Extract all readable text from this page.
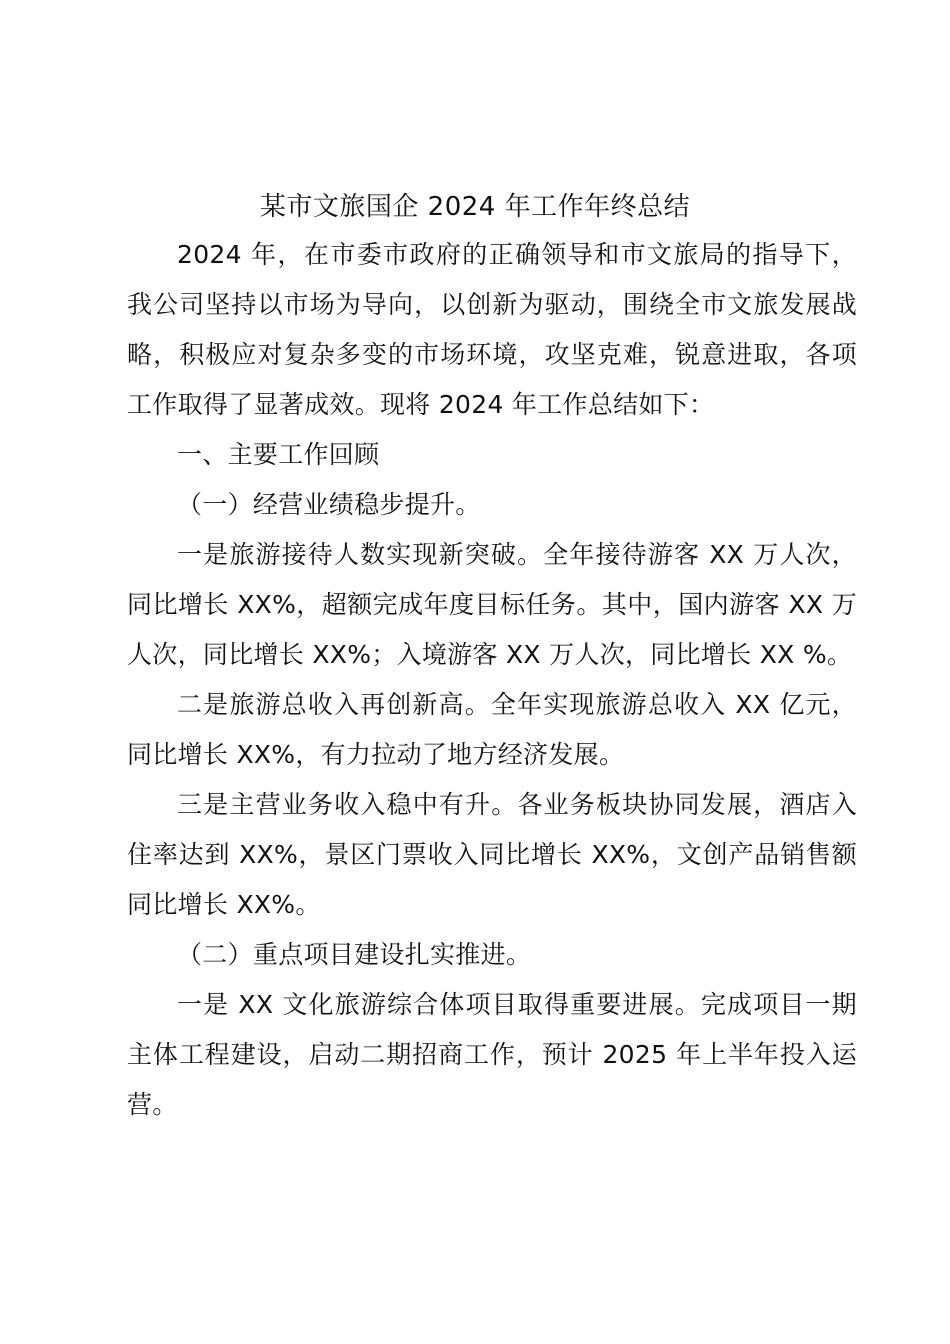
某市文旅国企 2024 年工作年终总结

2024 年，在市委市政府的正确领导和市文旅局的指导下，我公司坚持以市场为导向，以创新为驱动，围绕全市文旅发展战略，积极应对复杂多变的市场环境，攻坚克难，锐意进取，各项工作取得了显著成效。现将 2024 年工作总结如下：

一、主要工作回顾

（一）经营业绩稳步提升。

一是旅游接待人数实现新突破。全年接待游客 XX 万人次，同比增长 XX%，超额完成年度目标任务。其中，国内游客 XX 万人次，同比增长 XX%；入境游客 XX 万人次，同比增长 XX %。

二是旅游总收入再创新高。全年实现旅游总收入 XX 亿元，同比增长 XX%，有力拉动了地方经济发展。

三是主营业务收入稳中有升。各业务板块协同发展，酒店入住率达到 XX%，景区门票收入同比增长 XX%，文创产品销售额同比增长 XX%。

（二）重点项目建设扎实推进。

一是 XX 文化旅游综合体项目取得重要进展。完成项目一期主体工程建设，启动二期招商工作，预计 2025 年上半年投入运营。
